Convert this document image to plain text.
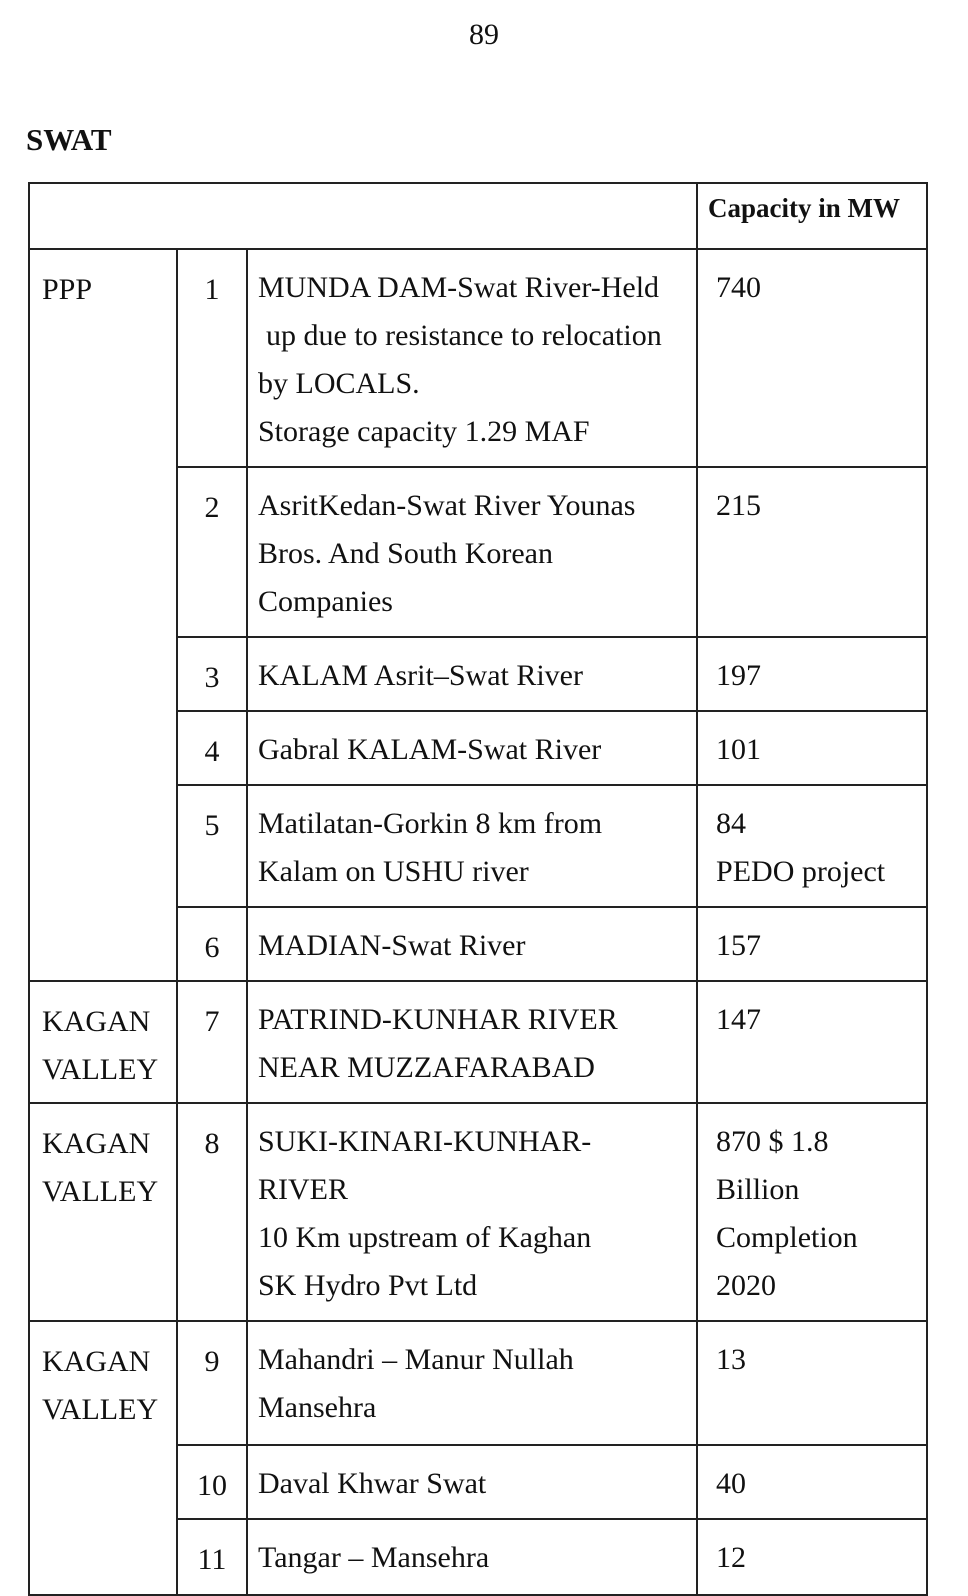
89
SWAT
			Capacity in MW

PPP	1	MUNDA DAM-Swat River-Held
up due to resistance to relocation
by LOCALS.
Storage capacity 1.29 MAF	740

	2	AsritKedan-Swat River Younas
Bros. And South Korean
Companies	215

	3	KALAM Asrit–Swat River	197

	4	Gabral KALAM-Swat River	101

	5	Matilatan-Gorkin 8 km from
Kalam on USHU river	84
PEDO project

	6	MADIAN-Swat River	157

KAGAN
VALLEY	7	PATRIND-KUNHAR RIVER
NEAR MUZZAFARABAD	147

KAGAN
VALLEY	8	SUKI-KINARI-KUNHAR-
RIVER
10 Km upstream of Kaghan
SK Hydro Pvt Ltd	870 $ 1.8
Billion
Completion
2020

KAGAN
VALLEY	9	Mahandri – Manur Nullah
Mansehra	13

	10	Daval Khwar Swat	40

	11	Tangar – Mansehra	12
